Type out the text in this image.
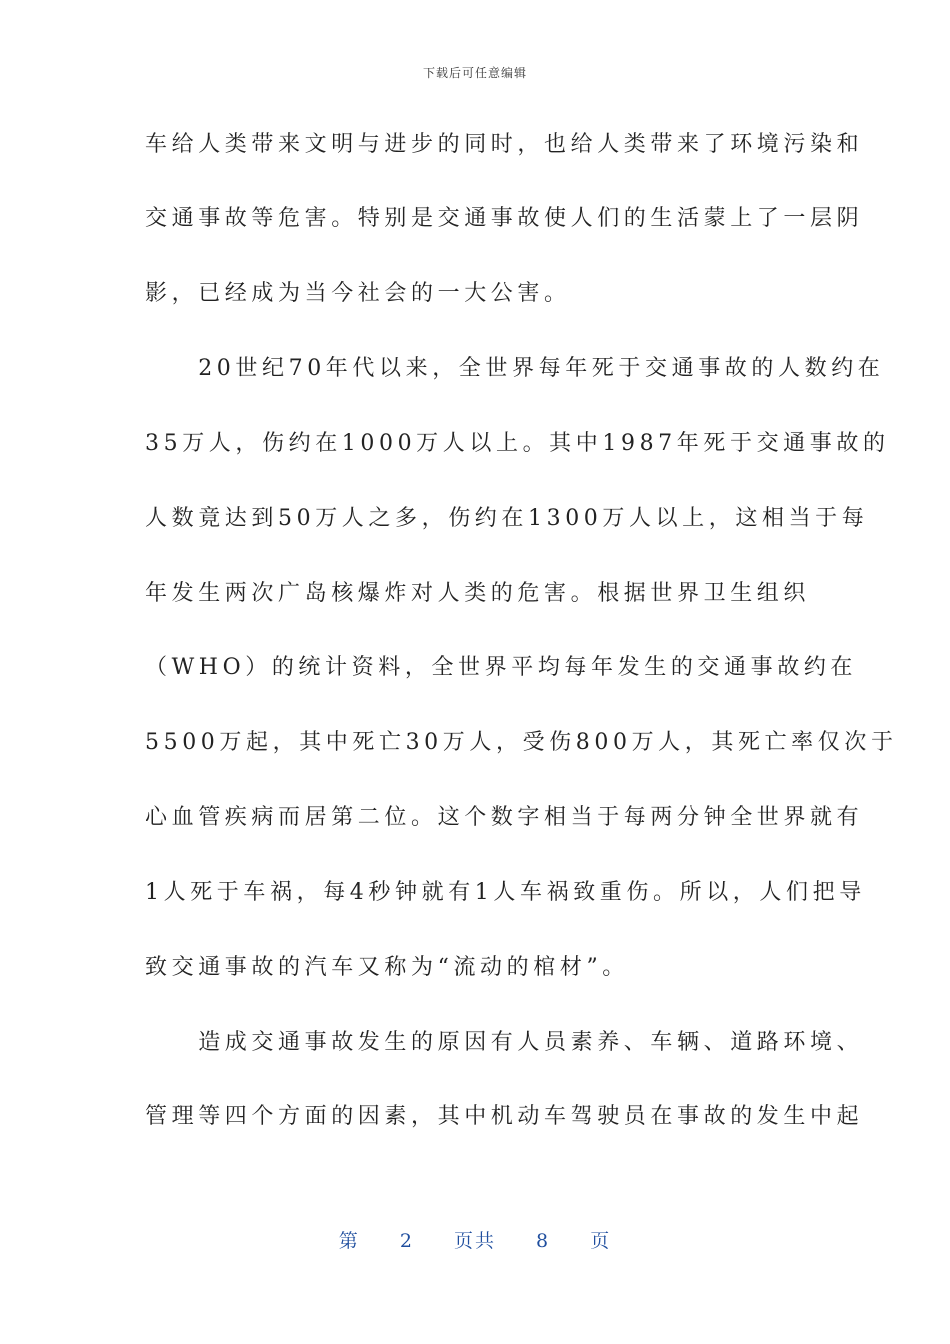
下载后可任意编辑
车给人类带来文明与进步的同时，也给人类带来了环境污染和
交通事故等危害。特别是交通事故使人们的生活蒙上了一层阴
影，已经成为当今社会的一大公害。
　　20世纪70年代以来，全世界每年死于交通事故的人数约在
35万人，伤约在1000万人以上。其中1987年死于交通事故的
人数竟达到50万人之多，伤约在1300万人以上，这相当于每
年发生两次广岛核爆炸对人类的危害。根据世界卫生组织
（WHO）的统计资料，全世界平均每年发生的交通事故约在
5500万起，其中死亡30万人，受伤800万人，其死亡率仅次于
心血管疾病而居第二位。这个数字相当于每两分钟全世界就有
1人死于车祸，每4秒钟就有1人车祸致重伤。所以，人们把导
致交通事故的汽车又称为“流动的棺材”。
　　造成交通事故发生的原因有人员素养、车辆、道路环境、
管理等四个方面的因素，其中机动车驾驶员在事故的发生中起
第 2 页共 8 页
